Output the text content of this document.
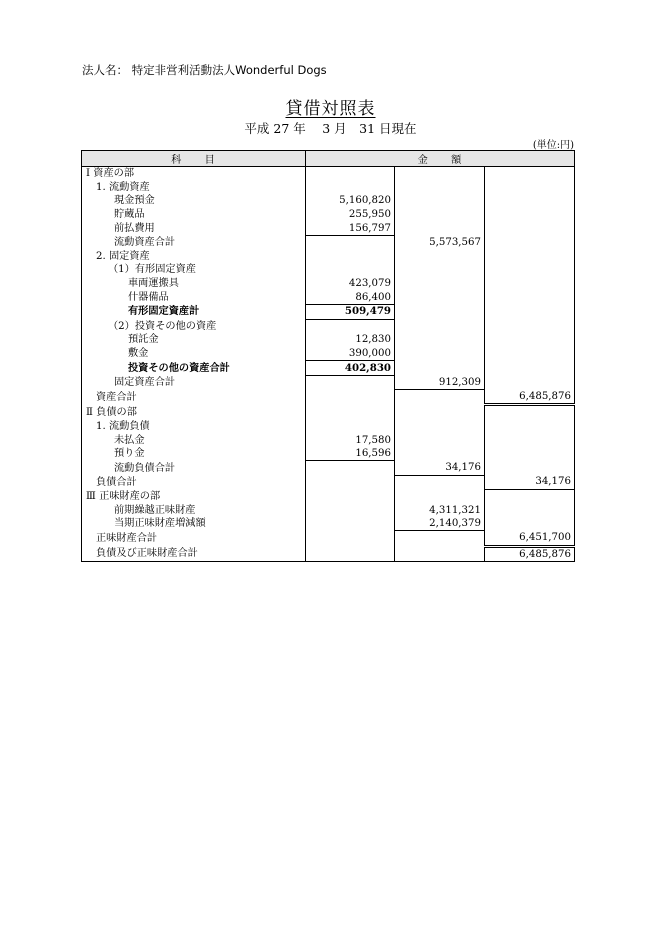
法人名： 特定非営利活動法人Wonderful Dogs
貸借対照表
平成 27 年　 3 月　31 日現在
(単位:円)
科　　目	金　　額		
Ⅰ 資産の部			
1. 流動資産			
現金預金	5,160,820		
貯蔵品	255,950		
前払費用	156,797		
流動資産合計		5,573,567	
2. 固定資産			
（1）有形固定資産			
車両運搬具	423,079		
什器備品	86,400		
有形固定資産計	509,479		
（2）投資その他の資産			
預託金	12,830		
敷金	390,000		
投資その他の資産合計	402,830		
固定資産合計		912,309	
資産合計			6,485,876
Ⅱ 負債の部			
1. 流動負債			
未払金	17,580		
預り金	16,596		
流動負債合計		34,176	
負債合計			34,176
Ⅲ 正味財産の部			
前期繰越正味財産		4,311,321	
当期正味財産増減額		2,140,379	
正味財産合計			6,451,700
負債及び正味財産合計			6,485,876
